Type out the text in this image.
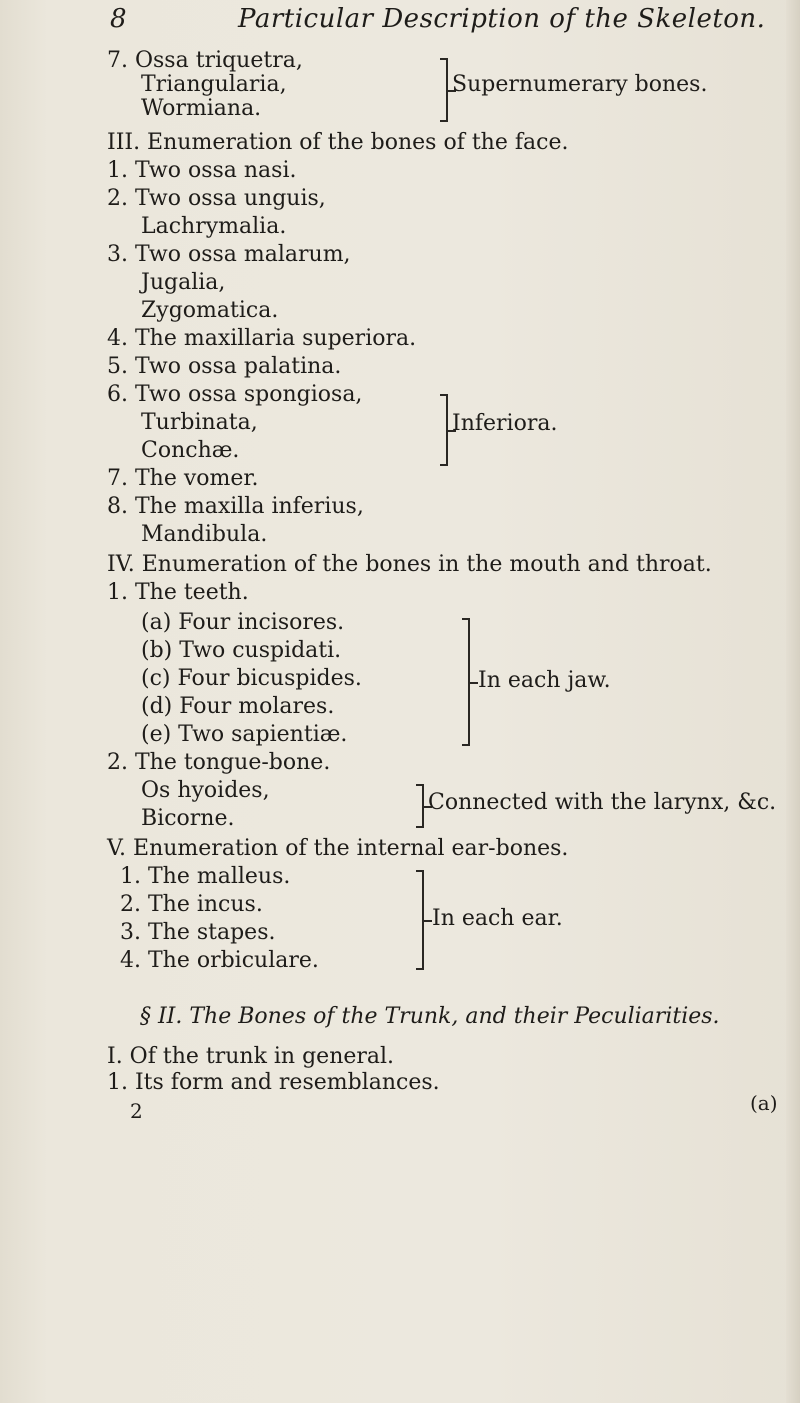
8	Particular Description of the Skeleton.
7. Ossa triquetra,
Triangularia,
Wormiana.
Supernumerary bones.
III. Enumeration of the bones of the face.
1. Two ossa nasi.
2. Two ossa unguis,
Lachrymalia.
3. Two ossa malarum,
Jugalia,
Zygomatica.
4. The maxillaria superiora.
5. Two ossa palatina.
6. Two ossa spongiosa,
Turbinata,
Conchæ.
Inferiora.
7. The vomer.
8. The maxilla inferius,
Mandibula.
IV. Enumeration of the bones in the mouth and throat.
1. The teeth.
(a) Four incisores.
(b) Two cuspidati.
(c) Four bicuspides.
(d) Four molares.
(e) Two sapientiæ.
In each jaw.
2. The tongue-bone.
Os hyoides,
Bicorne.
Connected with the larynx, &c.
V. Enumeration of the internal ear-bones.
1. The malleus.
2. The incus.
3. The stapes.
4. The orbiculare.
In each ear.
§ II. The Bones of the Trunk, and their Peculiarities.
I. Of the trunk in general.
1. Its form and resemblances.
2	(a)
